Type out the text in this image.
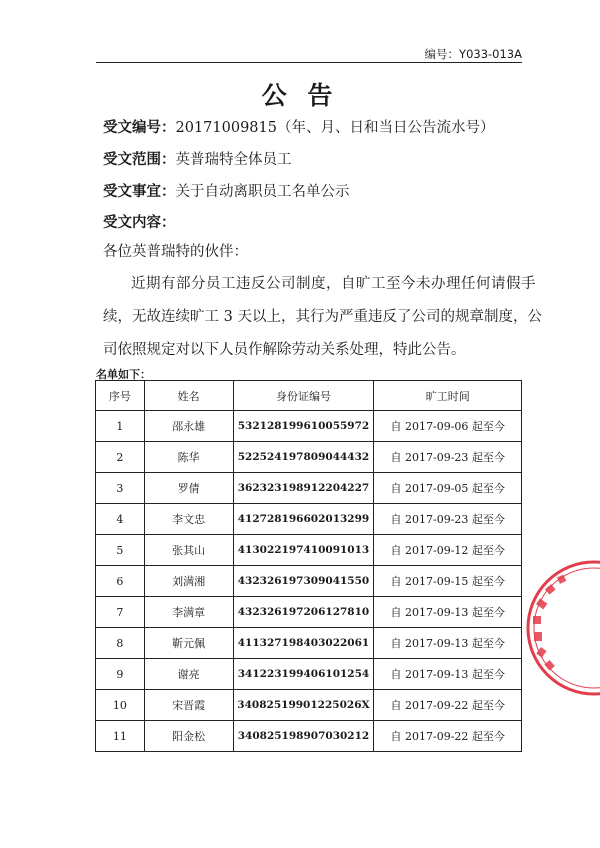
编号：Y033-013A
公 告
受文编号：20171009815（年、月、日和当日公告流水号）
受文范围：英普瑞特全体员工
受文事宜：关于自动离职员工名单公示
受文内容：
各位英普瑞特的伙伴：
近期有部分员工违反公司制度，自旷工至今未办理任何请假手
续，无故连续旷工 3 天以上，其行为严重违反了公司的规章制度，公
司依照规定对以下人员作解除劳动关系处理，特此公告。
名单如下：
序号	姓名	身份证编号	旷工时间
1	邵永雄	532128199610055972	自 2017-09-06 起至今
2	陈华	522524197809044432	自 2017-09-23 起至今
3	罗倩	362323198912204227	自 2017-09-05 起至今
4	李文忠	412728196602013299	自 2017-09-23 起至今
5	张其山	413022197410091013	自 2017-09-12 起至今
6	刘满湘	432326197309041550	自 2017-09-15 起至今
7	李满章	432326197206127810	自 2017-09-13 起至今
8	靳元佩	411327198403022061	自 2017-09-13 起至今
9	谢亮	341223199406101254	自 2017-09-13 起至今
10	宋晋霞	34082519901225026X	自 2017-09-22 起至今
11	阳金松	340825198907030212	自 2017-09-22 起至今
